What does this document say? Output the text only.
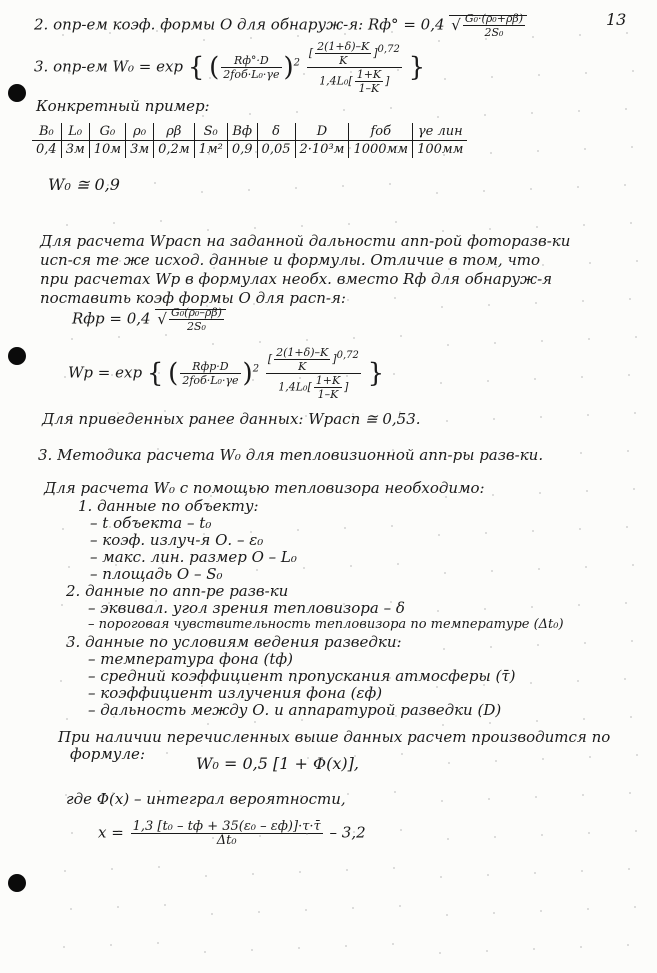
13
2. опр-ем коэф. формы О для обнаруж-я: Rф° = 0,4 √ $\frac{\text{G₀·(ρ₀+ρβ)}}{\text{2S₀}}$
3. опр-ем W₀ = exp { ( $\frac{Rф^\circ\cdot D}{\text{2fоб·L₀·γе}} )^2 \frac{[ \frac{2(1+\delta)-K}{K} ]0,72}{1,4L_0[ \frac{1+K}{1-K} ]}$ }
Конкретный пример:
B₀	L₀	G₀	ρ₀	ρβ	S₀	Bф	δ	D	fоб	γе лин
0,4	3м	10м	3м	0,2м	1м²	0,9	0,05	2·10³м	1000мм	100мм
W₀ ≅ 0,9
Для расчета Wрасп на заданной дальности апп-рой фоторазв-ки
исп-ся те же исход. данные и формулы. Отличие в том, что
при расчетах Wр в формулах необх. вместо Rф для обнаруж-я
поставить коэф формы О для расп-я:
Rфр = 0,4 √ $\frac{\text{G₀(ρ₀–ρβ)}}{\text{2S₀}}$
Wр = exp { ( $\frac{\text{Rфр·D}}{\text{2fоб·L₀·γе}} )^2 \frac{[ \frac{2(1+\delta)-K}{K} ]0,72}{1,4L_0[ \frac{1+K}{1-K} ]}$ }
Для приведенных ранее данных: Wрасп ≅ 0,53.
3. Методика расчета W₀ для тепловизионной апп-ры разв-ки.
Для расчета W₀ с помощью тепловизора необходимо:
1. данные по объекту:
– t объекта – t₀
– коэф. излуч-я О. – ε₀
– макс. лин. размер О – L₀
– площадь О – S₀
2. данные по апп-ре разв-ки
– эквивал. угол зрения тепловизора – δ
– пороговая чувствительность тепловизора по температуре (Δt₀)
3. данные по условиям ведения разведки:
– температура фона (tф)
– средний коэффициент пропускания атмосферы (τ̄)
– коэффициент излучения фона (εф)
– дальность между О. и аппаратурой разведки (D)
При наличии перечисленных выше данных расчет производится по
формуле:	W₀ = 0,5 [1 + Φ(x)],
где Φ(x) – интеграл вероятности,
$x = \frac{\text{1,3 [t₀ – tф + 35(ε₀ – εф)]·τ·τ̄}}{\text{Δt₀}} - 3,2$
